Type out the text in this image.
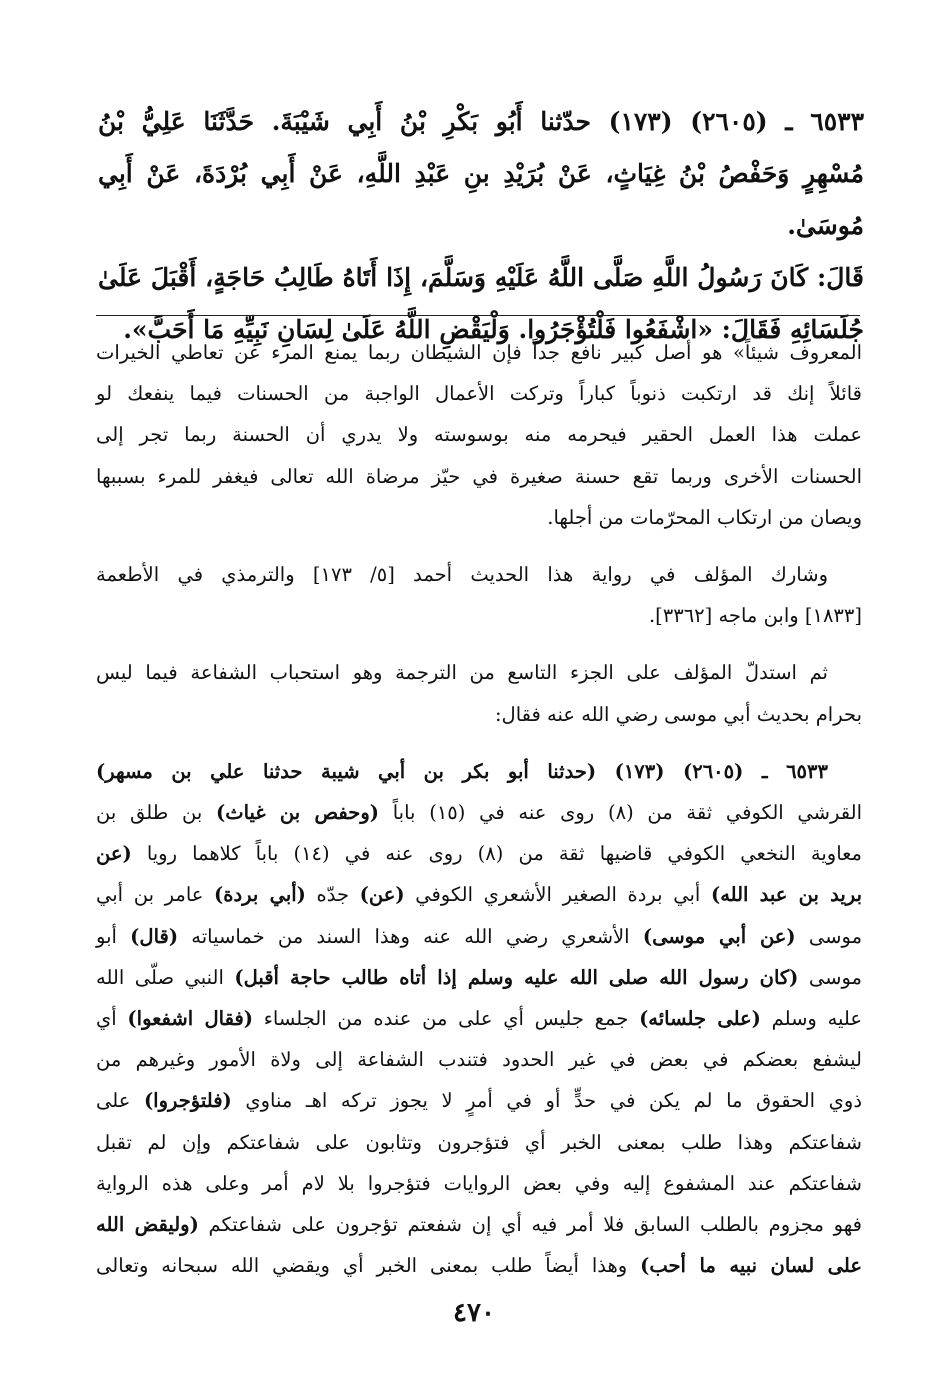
٦٥٣٣ ـ (٢٦٠٥) (١٧٣) حدّثنا أَبُو بَكْرِ بْنُ أَبِي شَيْبَةَ. حَدَّثَنَا عَلِيُّ بْنُ
مُسْهِرٍ وَحَفْصُ بْنُ غِيَاثٍ، عَنْ بُرَيْدِ بنِ عَبْدِ اللَّهِ، عَنْ أَبِي بُرْدَةَ، عَنْ أَبِي مُوسَىٰ.
قَالَ: كَانَ رَسُولُ اللَّهِ صَلَّى اللَّهُ عَلَيْهِ وَسَلَّمَ، إِذَا أَتَاهُ طَالِبُ حَاجَةٍ، أَقْبَلَ عَلَىٰ
جُلَسَائِهِ فَقَالَ: «اشْفَعُوا فَلْتُؤْجَرُوا. وَلْيَقْضِ اللَّهُ عَلَىٰ لِسَانِ نَبِيِّهِ مَا أَحَبَّ».

المعروف شيئاً» هو أصل كبير نافع جداً فإن الشيطان ربما يمنع المرء عن تعاطي الخيرات
قائلاً إنك قد ارتكبت ذنوباً كباراً وتركت الأعمال الواجبة من الحسنات فيما ينفعك لو
عملت هذا العمل الحقير فيحرمه منه بوسوسته ولا يدري أن الحسنة ربما تجر إلى
الحسنات الأخرى وربما تقع حسنة صغيرة في حيّز مرضاة الله تعالى فيغفر للمرء بسببها
ويصان من ارتكاب المحرّمات من أجلها.

وشارك المؤلف في رواية هذا الحديث أحمد [٥/ ١٧٣] والترمذي في الأطعمة
[١٨٣٣] وابن ماجه [٣٣٦٢].

ثم استدلّ المؤلف على الجزء التاسع من الترجمة وهو استحباب الشفاعة فيما ليس
بحرام بحديث أبي موسى رضي الله عنه فقال:

٦٥٣٣ ـ (٢٦٠٥) (١٧٣) (حدثنا أبو بكر بن أبي شيبة حدثنا علي بن مسهر)
القرشي الكوفي ثقة من (٨) روى عنه في (١٥) باباً (وحفص بن غياث) بن طلق بن
معاوية النخعي الكوفي قاضيها ثقة من (٨) روى عنه في (١٤) باباً كلاهما رويا (عن
بريد بن عبد الله) أبي بردة الصغير الأشعري الكوفي (عن) جدّه (أبي بردة) عامر بن أبي
موسى (عن أبي موسى) الأشعري رضي الله عنه وهذا السند من خماسياته (قال) أبو
موسى (كان رسول الله صلى الله عليه وسلم إذا أتاه طالب حاجة أقبل) النبي صلّى الله
عليه وسلم (على جلسائه) جمع جليس أي على من عنده من الجلساء (فقال اشفعوا) أي
ليشفع بعضكم في بعض في غير الحدود فتندب الشفاعة إلى ولاة الأمور وغيرهم من
ذوي الحقوق ما لم يكن في حدٍّ أو في أمرٍ لا يجوز تركه اهـ مناوي (فلتؤجروا) على
شفاعتكم وهذا طلب بمعنى الخبر أي فتؤجرون وتثابون على شفاعتكم وإن لم تقبل
شفاعتكم عند المشفوع إليه وفي بعض الروايات فتؤجروا بلا لام أمر وعلى هذه الرواية
فهو مجزوم بالطلب السابق فلا أمر فيه أي إن شفعتم تؤجرون على شفاعتكم (وليقض الله
على لسان نبيه ما أحب) وهذا أيضاً طلب بمعنى الخبر أي ويقضي الله سبحانه وتعالى

٤٧٠
